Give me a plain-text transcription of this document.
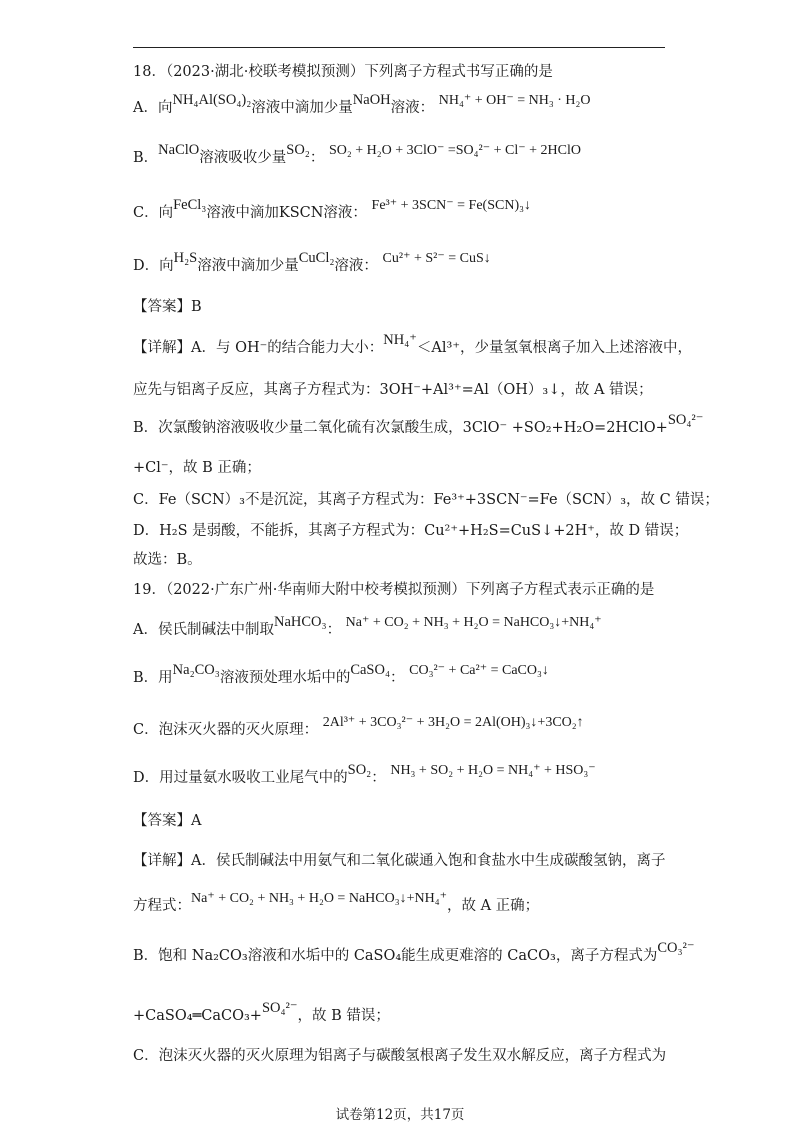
18．（2023·湖北·校联考模拟预测）下列离子方程式书写正确的是
A．向NH₄Al(SO₄)₂溶液中滴加少量NaOH溶液： NH₄⁺ + OH⁻ = NH₃ · H₂O
B．NaClO溶液吸收少量SO₂： SO₂ + H₂O + 3ClO⁻ =SO₄²⁻ + Cl⁻ + 2HClO
C．向FeCl₃溶液中滴加KSCN溶液： Fe³⁺ + 3SCN⁻ = Fe(SCN)₃↓
D．向H₂S溶液中滴加少量CuCl₂溶液： Cu²⁺ + S²⁻ = CuS↓
【答案】B
【详解】A．与 OH⁻的结合能力大小：NH₄⁺＜Al³⁺，少量氢氧根离子加入上述溶液中，
应先与铝离子反应，其离子方程式为：3OH⁻+Al³⁺=Al（OH）₃↓，故 A 错误；
B．次氯酸钠溶液吸收少量二氧化硫有次氯酸生成，3ClO⁻ +SO₂+H₂O=2HClO+SO₄²⁻
+Cl⁻，故 B 正确；
C．Fe（SCN）₃不是沉淀，其离子方程式为：Fe³⁺+3SCN⁻=Fe（SCN）₃，故 C 错误；
D．H₂S 是弱酸，不能拆，其离子方程式为：Cu²⁺+H₂S=CuS↓+2H⁺，故 D 错误；
故选：B。
19．（2022·广东广州·华南师大附中校考模拟预测）下列离子方程式表示正确的是
A．侯氏制碱法中制取NaHCO₃： Na⁺ + CO₂ + NH₃ + H₂O = NaHCO₃↓+NH₄⁺
B．用Na₂CO₃溶液预处理水垢中的CaSO₄： CO₃²⁻ + Ca²⁺ = CaCO₃↓
C．泡沫灭火器的灭火原理： 2Al³⁺ + 3CO₃²⁻ + 3H₂O = 2Al(OH)₃↓+3CO₂↑
D．用过量氨水吸收工业尾气中的SO₂： NH₃ + SO₂ + H₂O = NH₄⁺ + HSO₃⁻
【答案】A
【详解】A．侯氏制碱法中用氨气和二氧化碳通入饱和食盐水中生成碳酸氢钠，离子
方程式：Na⁺ + CO₂ + NH₃ + H₂O = NaHCO₃↓+NH₄⁺，故 A 正确；
B．饱和 Na₂CO₃溶液和水垢中的 CaSO₄能生成更难溶的 CaCO₃，离子方程式为CO₃²⁻
+CaSO₄═CaCO₃+SO₄²⁻，故 B 错误；
C．泡沫灭火器的灭火原理为铝离子与碳酸氢根离子发生双水解反应，离子方程式为
试卷第12页，共17页
